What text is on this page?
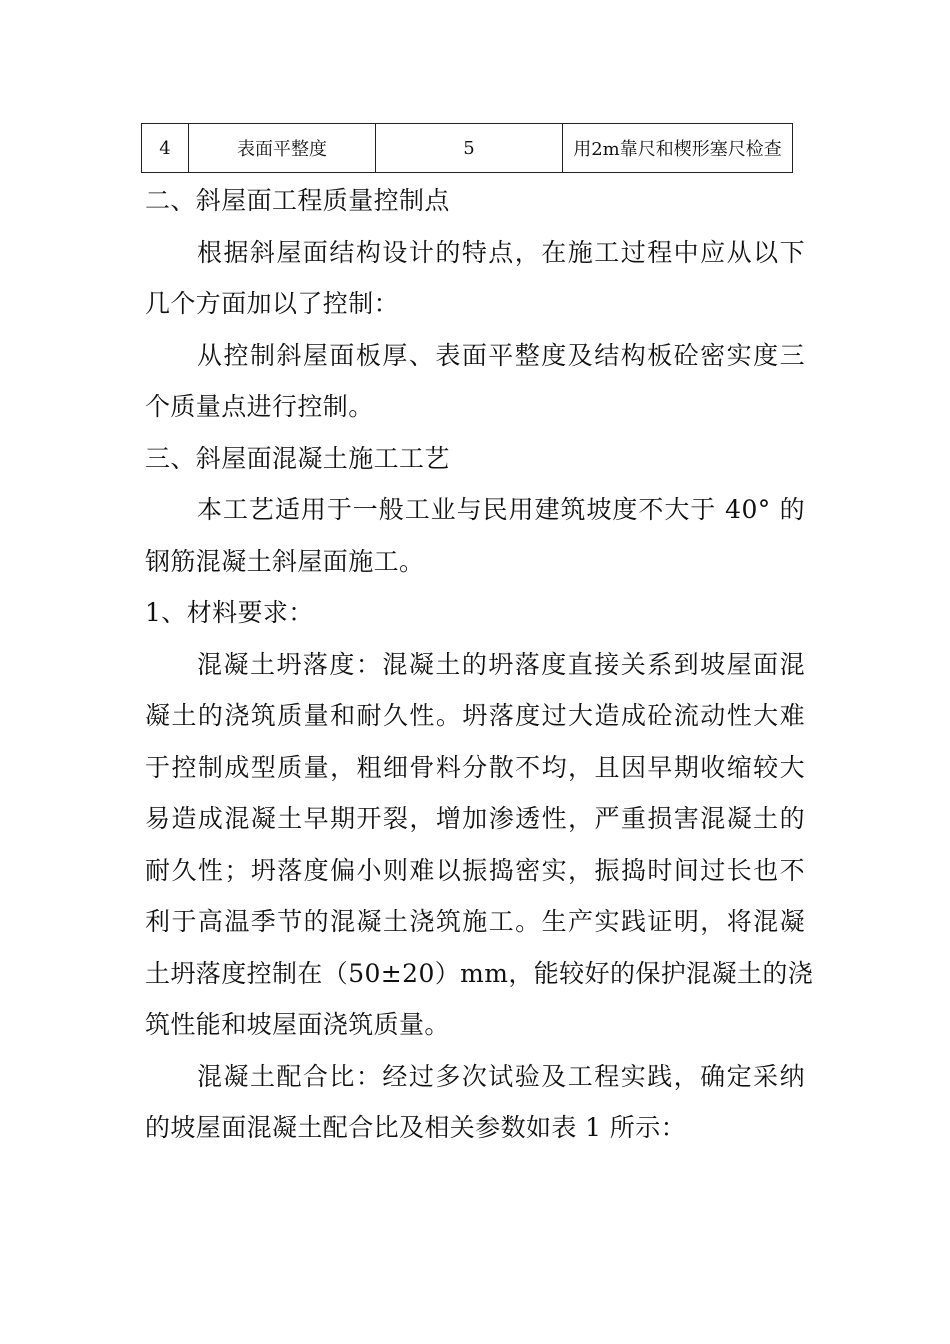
4	表面平整度	5	用2m靠尺和楔形塞尺检查
二、斜屋面工程质量控制点
根据斜屋面结构设计的特点，在施工过程中应从以下
几个方面加以了控制：
从控制斜屋面板厚、表面平整度及结构板砼密实度三
个质量点进行控制。
三、斜屋面混凝土施工工艺
本工艺适用于一般工业与民用建筑坡度不大于 40° 的
钢筋混凝土斜屋面施工。
1、材料要求：
混凝土坍落度：混凝土的坍落度直接关系到坡屋面混
凝土的浇筑质量和耐久性。坍落度过大造成砼流动性大难
于控制成型质量，粗细骨料分散不均，且因早期收缩较大
易造成混凝土早期开裂，增加渗透性，严重损害混凝土的
耐久性；坍落度偏小则难以振捣密实，振捣时间过长也不
利于高温季节的混凝土浇筑施工。生产实践证明，将混凝
土坍落度控制在（50±20）mm，能较好的保护混凝土的浇
筑性能和坡屋面浇筑质量。
混凝土配合比：经过多次试验及工程实践，确定采纳
的坡屋面混凝土配合比及相关参数如表 1 所示：
